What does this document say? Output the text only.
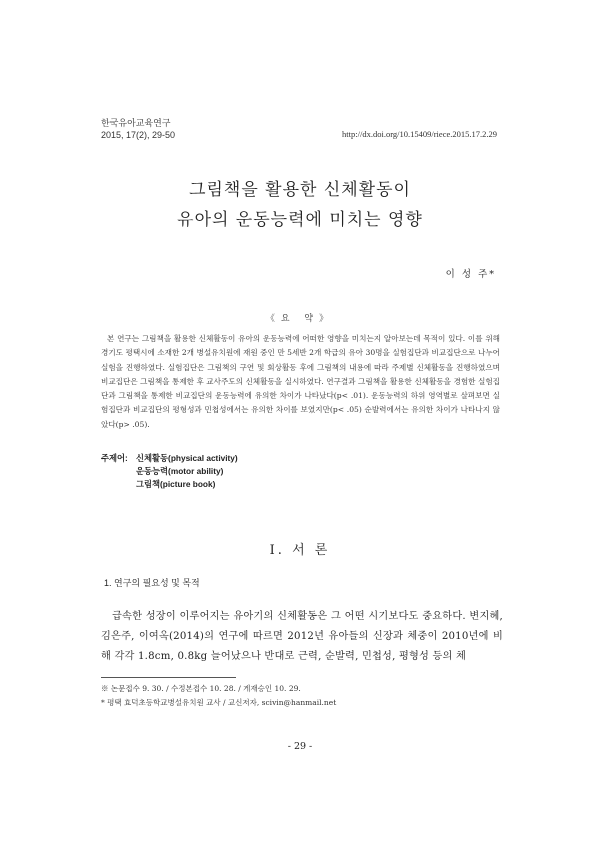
한국유아교육연구
2015, 17(2), 29-50	http://dx.doi.org/10.15409/riece.2015.17.2.29
그림책을 활용한 신체활동이
유아의 운동능력에 미치는 영향
이 성 주*
《요 약》
본 연구는 그림책을 활용한 신체활동이 유아의 운동능력에 어떠한 영향을 미치는지 알아보는데 목적이 있다. 이를 위해 경기도 평택시에 소재한 2개 병설유치원에 재원 중인 만 5세반 2개 학급의 유아 30명을 실험집단과 비교집단으로 나누어 실험을 진행하였다. 실험집단은 그림책의 구연 및 회상활동 후에 그림책의 내용에 따라 주제별 신체활동을 진행하였으며 비교집단은 그림책을 통제한 후 교사주도의 신체활동을 실시하였다. 연구결과 그림책을 활용한 신체활동을 경험한 실험집단과 그림책을 통제한 비교집단의 운동능력에 유의한 차이가 나타났다(p< .01). 운동능력의 하위 영역별로 살펴보면 실험집단과 비교집단의 평형성과 민첩성에서는 유의한 차이를 보였지만(p< .05) 순발력에서는 유의한 차이가 나타나지 않았다(p> .05).
주제어: 신체활동(physical activity)
운동능력(motor ability)
그림책(picture book)
Ⅰ. 서 론
1. 연구의 필요성 및 목적
급속한 성장이 이루어지는 유아기의 신체활동은 그 어떤 시기보다도 중요하다. 변지혜, 김은주, 이여옥(2014)의 연구에 따르면 2012년 유아들의 신장과 체중이 2010년에 비해 각각 1.8cm, 0.8kg 늘어났으나 반대로 근력, 순발력, 민첩성, 평형성 등의 체
※ 논문접수 9. 30. / 수정본접수 10. 28. / 게재승인 10. 29.
* 평택 효덕초등학교병설유치원 교사 / 교신저자, scivin@hanmail.net
- 29 -
